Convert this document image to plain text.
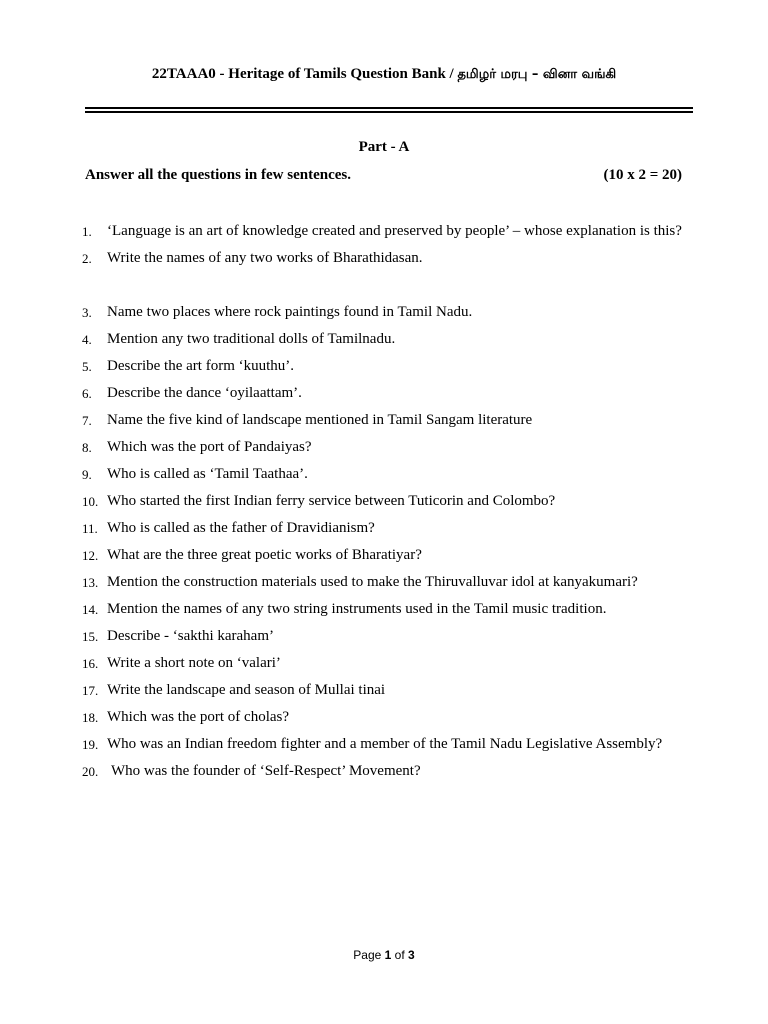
22TAAA0 - Heritage of Tamils Question Bank / தமிழர் மரபு – வினா வங்கி
Part - A
Answer all the questions in few sentences.	(10 x 2 = 20)
1. ‘Language is an art of knowledge created and preserved by people’ – whose explanation is this?
2. Write the names of any two works of Bharathidasan.
3. Name two places where rock paintings found in Tamil Nadu.
4. Mention any two traditional dolls of Tamilnadu.
5. Describe the art form ‘kuuthu’.
6. Describe the dance ‘oyilaattam’.
7. Name the five kind of landscape mentioned in Tamil Sangam literature
8. Which was the port of Pandaiyas?
9. Who is called as ‘Tamil Taathaa’.
10. Who started the first Indian ferry service between Tuticorin and Colombo?
11. Who is called as the father of Dravidianism?
12. What are the three great poetic works of Bharatiyar?
13. Mention the construction materials used to make the Thiruvalluvar idol at kanyakumari?
14. Mention the names of any two string instruments used in the Tamil music tradition.
15. Describe - ‘sakthi karaham’
16. Write a short note on ‘valari’
17. Write the landscape and season of Mullai tinai
18. Which was the port of cholas?
19. Who was an Indian freedom fighter and a member of the Tamil Nadu Legislative Assembly?
20. Who was the founder of ‘Self-Respect’ Movement?
Page 1 of 3
